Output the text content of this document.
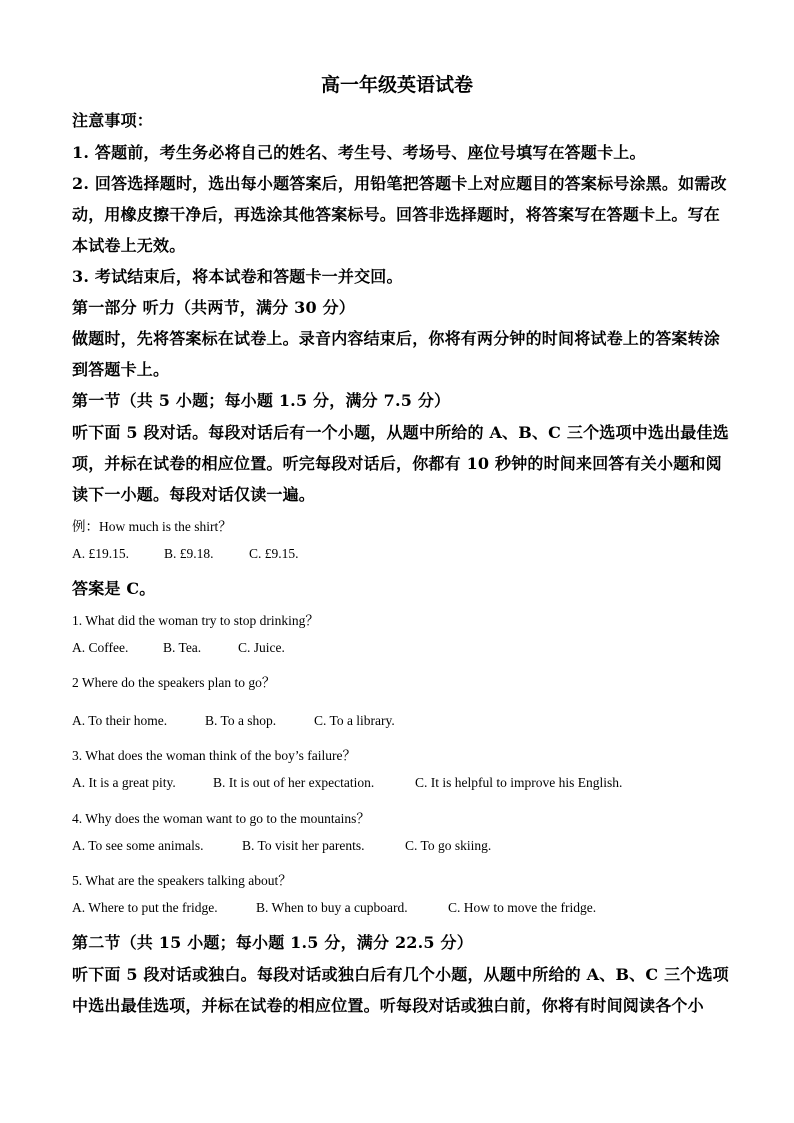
高一年级英语试卷
注意事项：
1. 答题前，考生务必将自己的姓名、考生号、考场号、座位号填写在答题卡上。
2. 回答选择题时，选出每小题答案后，用铅笔把答题卡上对应题目的答案标号涂黑。如需改
动，用橡皮擦干净后，再选涂其他答案标号。回答非选择题时，将答案写在答题卡上。写在
本试卷上无效。
3. 考试结束后，将本试卷和答题卡一并交回。
第一部分 听力（共两节，满分 30 分）
做题时，先将答案标在试卷上。录音内容结束后，你将有两分钟的时间将试卷上的答案转涂
到答题卡上。
第一节（共 5 小题；每小题 1.5 分，满分 7.5 分）
听下面 5 段对话。每段对话后有一个小题，从题中所给的 A、B、C 三个选项中选出最佳选
项，并标在试卷的相应位置。听完每段对话后，你都有 10 秒钟的时间来回答有关小题和阅
读下一小题。每段对话仅读一遍。
例：How much is the shirt？
A. £19.15.	B. £9.18.	C. £9.15.
答案是 C。
1. What did the woman try to stop drinking？
A. Coffee.	B. Tea.	C. Juice.
2 Where do the speakers plan to go？
A. To their home.	B. To a shop.	C. To a library.
3. What does the woman think of the boy’s failure？
A. It is a great pity.	B. It is out of her expectation.	C. It is helpful to improve his English.
4. Why does the woman want to go to the mountains？
A. To see some animals.	B. To visit her parents.	C. To go skiing.
5. What are the speakers talking about？
A. Where to put the fridge.	B. When to buy a cupboard.	C. How to move the fridge.
第二节（共 15 小题；每小题 1.5 分，满分 22.5 分）
听下面 5 段对话或独白。每段对话或独白后有几个小题，从题中所给的 A、B、C 三个选项
中选出最佳选项，并标在试卷的相应位置。听每段对话或独白前，你将有时间阅读各个小
